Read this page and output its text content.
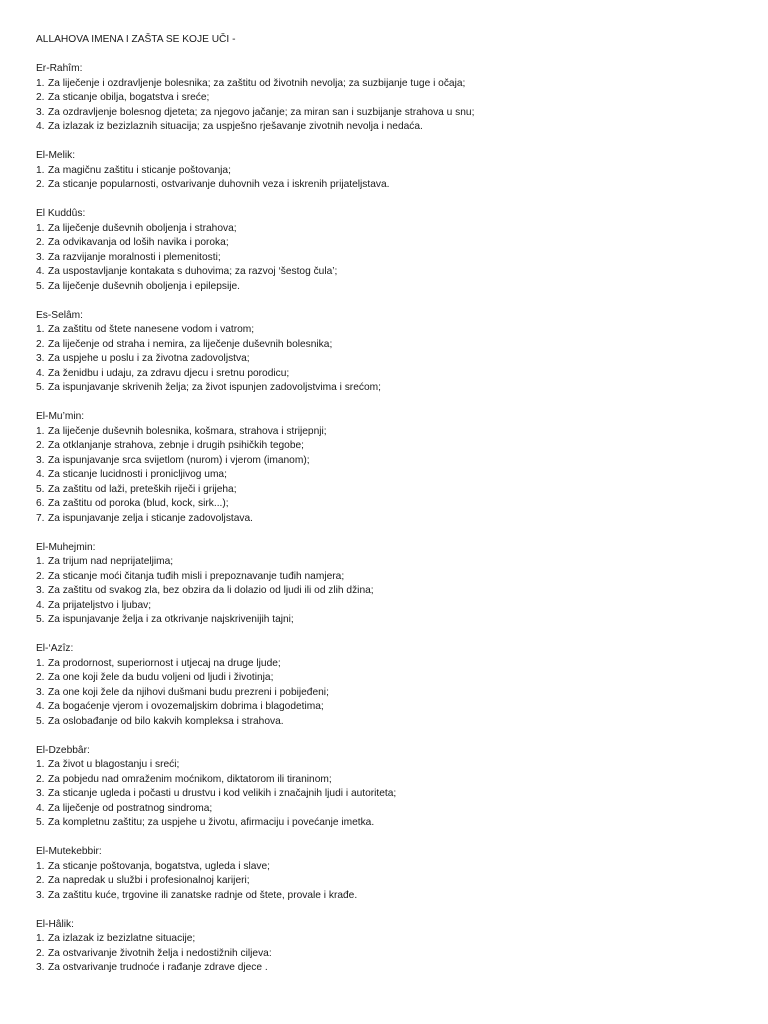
ALLAHOVA IMENA I ZAŠTA SE KOJE UČI -
Er-Rahîm:
1. Za liječenje i ozdravljenje bolesnika; za zaštitu od životnih nevolja; za suzbijanje tuge i očaja;
2. Za sticanje obilja, bogatstva i sreće;
3. Za ozdravljenje bolesnog djeteta; za njegovo jačanje; za miran san i suzbijanje strahova u snu;
4. Za izlazak iz bezizlaznih situacija; za uspješno rješavanje zivotnih nevolja i nedaća.
El-Melik:
1. Za magičnu zaštitu i sticanje poštovanja;
2. Za sticanje popularnosti, ostvarivanje duhovnih veza i iskrenih prijateljstava.
El Kuddûs:
1. Za liječenje duševnih oboljenja i strahova;
2. Za odvikavanja od loših navika i poroka;
3. Za razvijanje moralnosti i plemenitosti;
4. Za uspostavljanje kontakata s duhovima; za razvoj ‘šestog čula’;
5. Za liječenje duševnih oboljenja i epilepsije.
Es-Selâm:
1. Za zaštitu od štete nanesene vodom i vatrom;
2. Za liječenje od straha i nemira, za liječenje duševnih bolesnika;
3. Za uspjehe u poslu i za životna zadovoljstva;
4. Za ženidbu i udaju, za zdravu djecu i sretnu porodicu;
5. Za ispunjavanje skrivenih želja; za život ispunjen zadovoljstvima i srećom;
El-Mu’min:
1. Za liječenje duševnih bolesnika, košmara, strahova i strijepnji;
2. Za otklanjanje strahova, zebnje i drugih psihičkih tegobe;
3. Za ispunjavanje srca svijetlom (nurom) i vjerom (imanom);
4. Za sticanje lucidnosti i pronicljivog uma;
5. Za zaštitu od laži, preteških riječi i grijeha;
6. Za zaštitu od poroka (blud, kock, sirk...);
7. Za ispunjavanje zelja i sticanje zadovoljstava.
El-Muhejmin:
1. Za trijum nad neprijateljima;
2. Za sticanje moći čitanja tuđih misli i prepoznavanje tuđih namjera;
3. Za zaštitu od svakog zla, bez obzira da li dolazio od ljudi ili od zlih džina;
4. Za prijateljstvo i ljubav;
5. Za ispunjavanje želja i za otkrivanje najskrivenijih tajni;
El-‘Azîz:
1. Za prodornost, superiornost i utjecaj na druge ljude;
2. Za one koji žele da budu voljeni od ljudi i životinja;
3. Za one koji žele da njihovi dušmani budu prezreni i pobijeđeni;
4. Za bogaćenje vjerom i ovozemaljskim dobrima i blagodetima;
5. Za oslobađanje od bilo kakvih kompleksa i strahova.
El-Dzebbâr:
1. Za život u blagostanju i sreći;
2. Za pobjedu nad omraženim moćnikom, diktatorom ili tiraninom;
3. Za sticanje ugleda i počasti u drustvu i kod velikih i značajnih ljudi i autoriteta;
4. Za liječenje od postratnog sindroma;
5. Za kompletnu zaštitu; za uspjehe u životu, afirmaciju i povećanje imetka.
El-Mutekebbir:
1. Za sticanje poštovanja, bogatstva, ugleda i slave;
2. Za napredak u službi i profesionalnoj karijeri;
3. Za zaštitu kuće, trgovine ili zanatske radnje od štete, provale i krađe.
El-Hâlik:
1. Za izlazak iz bezizlatne situacije;
2. Za ostvarivanje životnih želja i nedostižnih ciljeva:
3. Za ostvarivanje trudnoće i rađanje zdrave djece .
